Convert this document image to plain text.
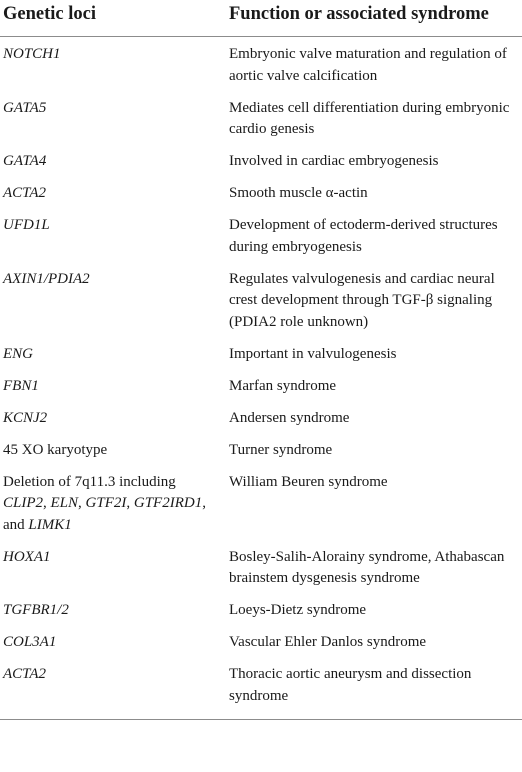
Genetic loci	Function or associated syndrome
NOTCH1	Embryonic valve maturation and regulation of aortic valve calcification
GATA5	Mediates cell differentiation during embryonic cardio genesis
GATA4	Involved in cardiac embryogenesis
ACTA2	Smooth muscle α-actin
UFD1L	Development of ectoderm-derived structures during embryogenesis
AXIN1/PDIA2	Regulates valvulogenesis and cardiac neural crest development through TGF-β signaling (PDIA2 role unknown)
ENG	Important in valvulogenesis
FBN1	Marfan syndrome
KCNJ2	Andersen syndrome
45 XO karyotype	Turner syndrome
Deletion of 7q11.3 including CLIP2, ELN, GTF2I, GTF2IRD1, and LIMK1	William Beuren syndrome
HOXA1	Bosley-Salih-Alorainy syndrome, Athabascan brainstem dysgenesis syndrome
TGFBR1/2	Loeys-Dietz syndrome
COL3A1	Vascular Ehler Danlos syndrome
ACTA2	Thoracic aortic aneurysm and dissection syndrome
